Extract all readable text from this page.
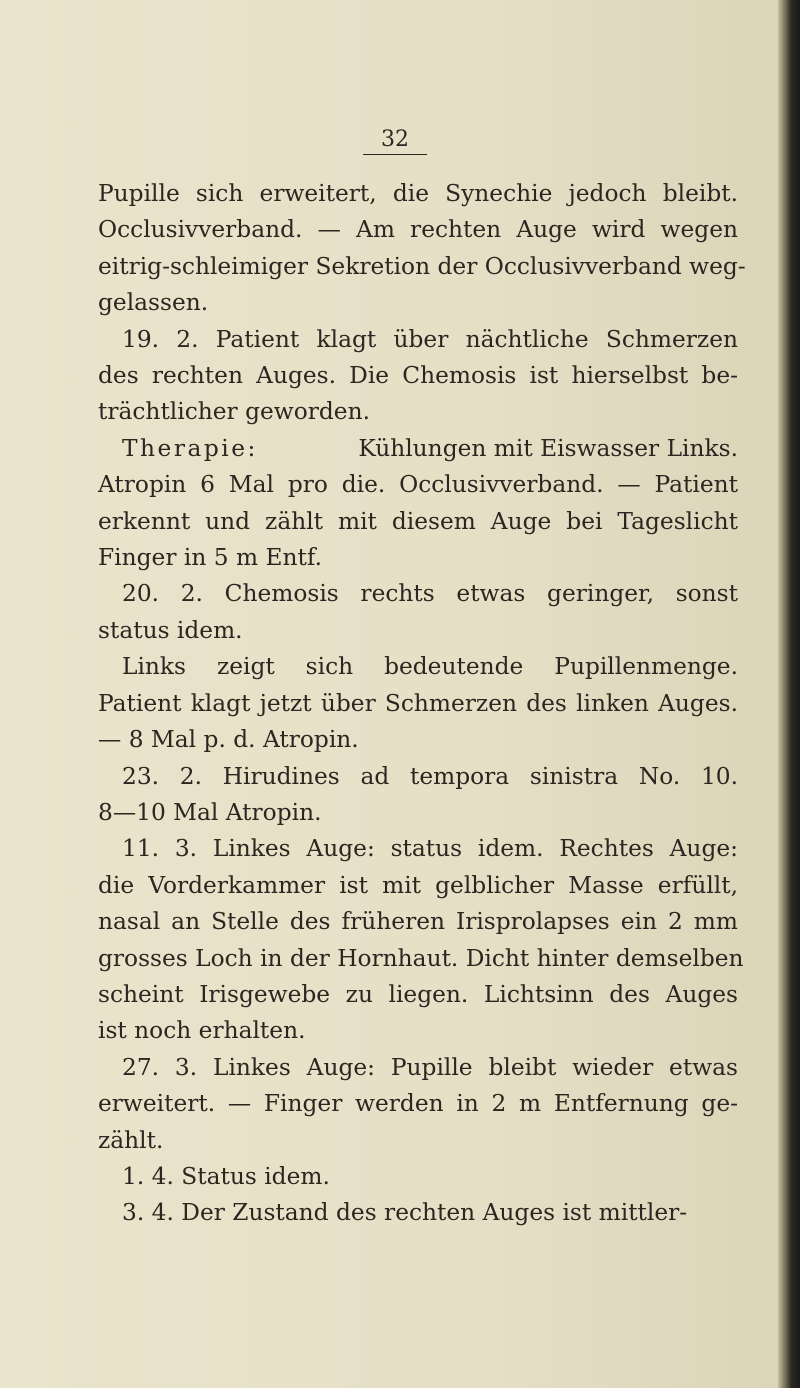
32
Pupille sich erweitert, die Synechie jedoch bleibt.
Occlusivverband. — Am rechten Auge wird wegen
eitrig-schleimiger Sekretion der Occlusivverband weg-
gelassen.
19. 2. Patient klagt über nächtliche Schmerzen
des rechten Auges. Die Chemosis ist hierselbst be-
trächtlicher geworden.
Therapie:	Kühlungen mit Eiswasser Links.
Atropin 6 Mal pro die. Occlusivverband. — Patient
erkennt und zählt mit diesem Auge bei Tageslicht
Finger in 5 m Entf.
20. 2. Chemosis rechts etwas geringer, sonst
status idem.
Links zeigt sich bedeutende Pupillenmenge.
Patient klagt jetzt über Schmerzen des linken Auges.
— 8 Mal p. d. Atropin.
23. 2. Hirudines ad tempora sinistra No. 10.
8—10 Mal Atropin.
11. 3. Linkes Auge: status idem. Rechtes Auge:
die Vorderkammer ist mit gelblicher Masse erfüllt,
nasal an Stelle des früheren Irisprolapses ein 2 mm
grosses Loch in der Hornhaut. Dicht hinter demselben
scheint Irisgewebe zu liegen. Lichtsinn des Auges
ist noch erhalten.
27. 3. Linkes Auge: Pupille bleibt wieder etwas
erweitert. — Finger werden in 2 m Entfernung ge-
zählt.
1. 4. Status idem.
3. 4. Der Zustand des rechten Auges ist mittler-
